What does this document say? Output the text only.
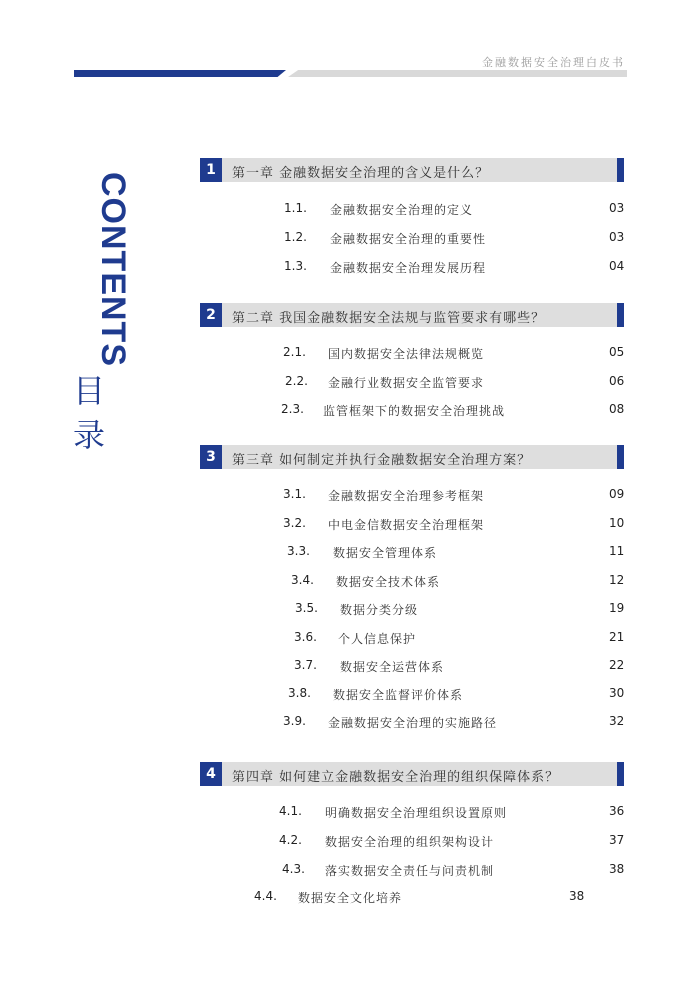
金融数据安全治理白皮书
CONTENTS
目录
1	第一章 金融数据安全治理的含义是什么？
1.1. 金融数据安全治理的定义	03
1.2. 金融数据安全治理的重要性	03
1.3. 金融数据安全治理发展历程	04
2	第二章 我国金融数据安全法规与监管要求有哪些？
2.1. 国内数据安全法律法规概览	05
2.2. 金融行业数据安全监管要求	06
2.3. 监管框架下的数据安全治理挑战	08
3	第三章 如何制定并执行金融数据安全治理方案？
3.1. 金融数据安全治理参考框架	09
3.2. 中电金信数据安全治理框架	10
3.3. 数据安全管理体系	11
3.4. 数据安全技术体系	12
3.5. 数据分类分级	19
3.6. 个人信息保护	21
3.7. 数据安全运营体系	22
3.8. 数据安全监督评价体系	30
3.9. 金融数据安全治理的实施路径	32
4	第四章 如何建立金融数据安全治理的组织保障体系？
4.1. 明确数据安全治理组织设置原则	36
4.2. 数据安全治理的组织架构设计	37
4.3. 落实数据安全责任与问责机制	38
4.4. 数据安全文化培养	38
